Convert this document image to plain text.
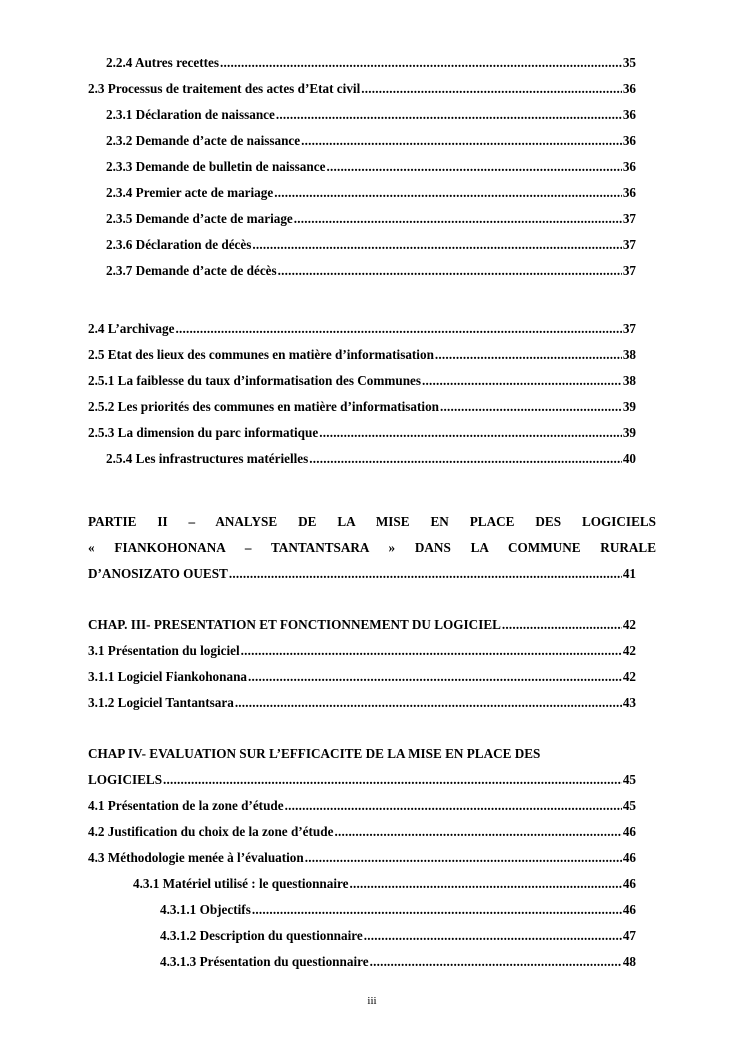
2.2.4 Autres recettes .....	35
2.3 Processus de traitement des actes d’Etat civil .....	36
2.3.1 Déclaration de naissance .....	36
2.3.2 Demande d’acte de naissance .....	36
2.3.3 Demande de bulletin de naissance .....	36
2.3.4 Premier acte de mariage .....	36
2.3.5 Demande d’acte de mariage .....	37
2.3.6 Déclaration de décès .....	37
2.3.7 Demande d’acte de décès .....	37
2.4 L’archivage .....	37
2.5 Etat des lieux des communes en matière d’informatisation .....	38
2.5.1 La faiblesse du taux d’informatisation des Communes .....	38
2.5.2 Les priorités des communes en matière d’informatisation .....	39
2.5.3 La dimension du parc informatique .....	39
2.5.4 Les infrastructures matérielles .....	40
PARTIE II – ANALYSE DE LA MISE EN PLACE DES LOGICIELS
« FIANKOHONANA – TANTANTSARA » DANS LA COMMUNE RURALE
D’ANOSIZATO OUEST .....	41
CHAP. III- PRESENTATION ET FONCTIONNEMENT DU LOGICIEL .....	42
3.1 Présentation du logiciel .....	42
3.1.1 Logiciel Fiankohonana .....	42
3.1.2 Logiciel Tantantsara .....	43
CHAP IV- EVALUATION SUR L’EFFICACITE DE LA MISE EN PLACE DES
LOGICIELS .....	45
4.1 Présentation de la zone d’étude .....	45
4.2 Justification du choix de la zone d’étude .....	46
4.3 Méthodologie menée à l’évaluation .....	46
4.3.1 Matériel utilisé : le questionnaire .....	46
4.3.1.1 Objectifs .....	46
4.3.1.2 Description du questionnaire .....	47
4.3.1.3 Présentation du questionnaire .....	48
iii
